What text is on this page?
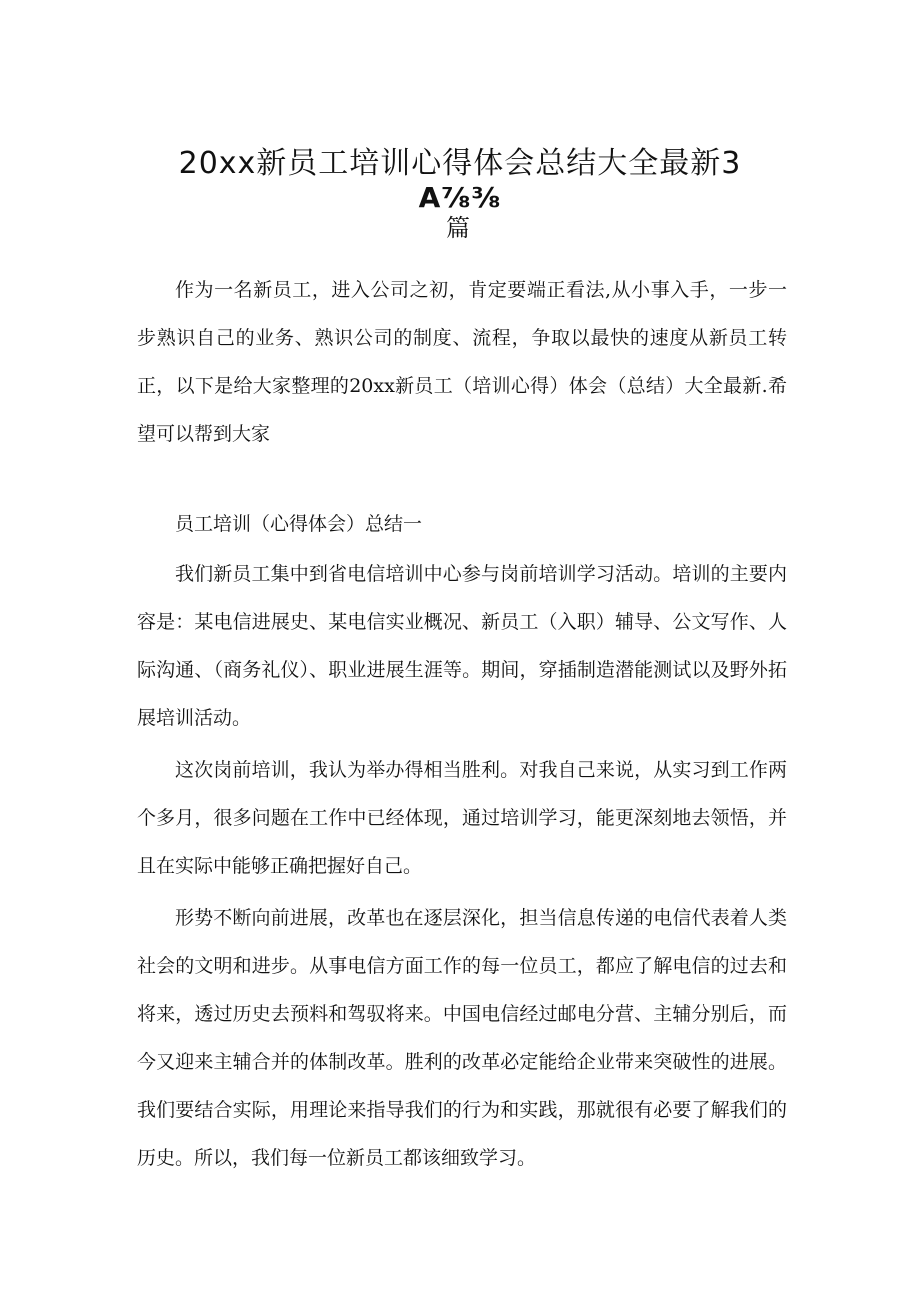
20xx新员工培训心得体会总结大全最新3
A⅞⅜
篇
作为一名新员工，进入公司之初，肯定要端正看法,从小事入手，一步一步熟识自己的业务、熟识公司的制度、流程，争取以最快的速度从新员工转正，以下是给大家整理的20xx新员工（培训心得）体会（总结）大全最新.希望可以帮到大家
员工培训（心得体会）总结一
我们新员工集中到省电信培训中心参与岗前培训学习活动。培训的主要内容是：某电信进展史、某电信实业概况、新员工（入职）辅导、公文写作、人际沟通、（商务礼仪）、职业进展生涯等。期间，穿插制造潜能测试以及野外拓展培训活动。
这次岗前培训，我认为举办得相当胜利。对我自己来说，从实习到工作两个多月，很多问题在工作中已经体现，通过培训学习，能更深刻地去领悟，并且在实际中能够正确把握好自己。
形势不断向前进展，改革也在逐层深化，担当信息传递的电信代表着人类社会的文明和进步。从事电信方面工作的每一位员工，都应了解电信的过去和将来，透过历史去预料和驾驭将来。中国电信经过邮电分营、主辅分别后，而今又迎来主辅合并的体制改革。胜利的改革必定能给企业带来突破性的进展。我们要结合实际，用理论来指导我们的行为和实践，那就很有必要了解我们的历史。所以，我们每一位新员工都该细致学习。
